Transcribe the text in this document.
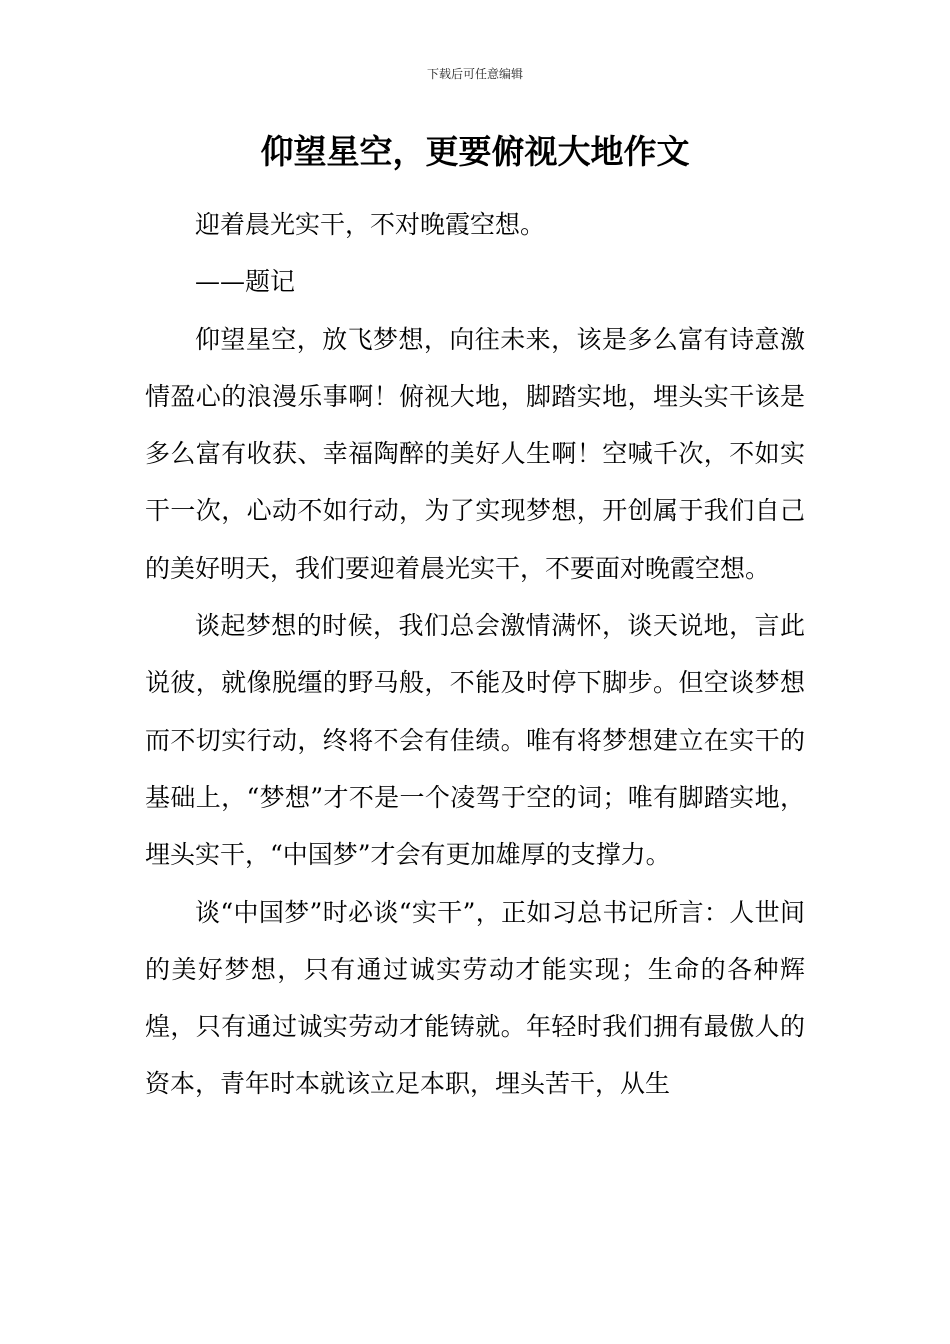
下载后可任意编辑
仰望星空，更要俯视大地作文

迎着晨光实干，不对晚霞空想。

——题记

仰望星空，放飞梦想，向往未来，该是多么富有诗意激情盈心的浪漫乐事啊！俯视大地，脚踏实地，埋头实干该是多么富有收获、幸福陶醉的美好人生啊！空喊千次，不如实干一次，心动不如行动，为了实现梦想，开创属于我们自己的美好明天，我们要迎着晨光实干，不要面对晚霞空想。

谈起梦想的时候，我们总会激情满怀，谈天说地，言此说彼，就像脱缰的野马般，不能及时停下脚步。但空谈梦想而不切实行动，终将不会有佳绩。唯有将梦想建立在实干的基础上，“梦想”才不是一个凌驾于空的词；唯有脚踏实地，埋头实干，“中国梦”才会有更加雄厚的支撑力。

谈“中国梦”时必谈“实干”，正如习总书记所言：人世间的美好梦想，只有通过诚实劳动才能实现；生命的各种辉煌，只有通过诚实劳动才能铸就。年轻时我们拥有最傲人的资本，青年时本就该立足本职，埋头苦干，从生
